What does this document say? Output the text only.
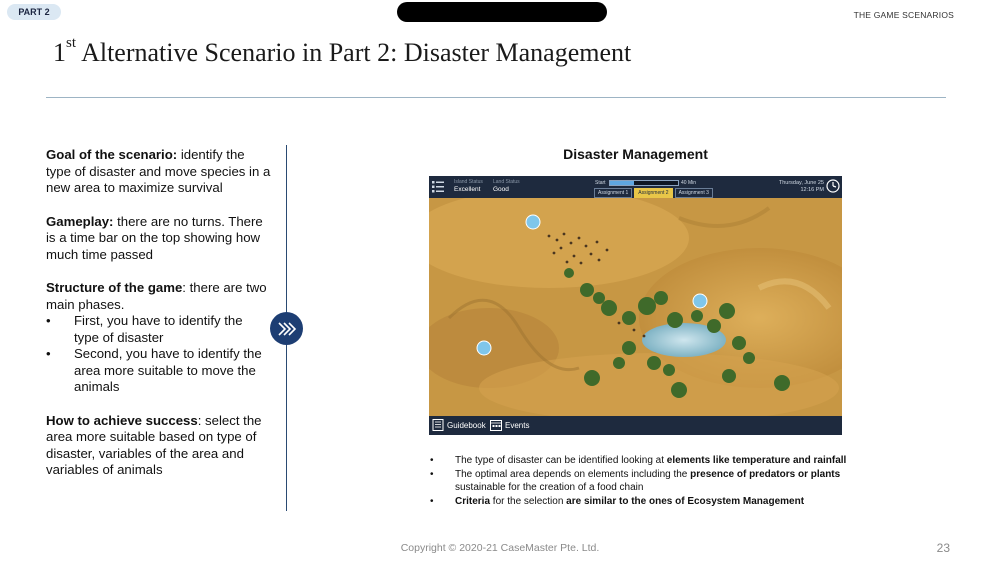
PART 2	THE GAME SCENARIOS
1st Alternative Scenario in Part 2: Disaster Management

Goal of the scenario: identify the type of disaster and move species in a new area to maximize survival

Gameplay: there are no turns. There is a time bar on the top showing how much time passed

Structure of the game: there are two main phases.

• First, you have to identify the type of disaster
• Second, you have to identify the area more suitable to move the animals

How to achieve success: select the area more suitable based on type of disaster, variables of the area and variables of animals

Disaster Management
Island Status
Excellent
Land Status
Good
Start	40 Min
Assignment 1	Assignment 2	Assignment 3
Thursday, June 25
12:16 PM
Guidebook Events
• The type of disaster can be identified looking at elements like temperature and rainfall
• The optimal area depends on elements including the presence of predators or plants sustainable for the creation of a food chain
• Criteria for the selection are similar to the ones of Ecosystem Management
Copyright © 2020-21 CaseMaster Pte. Ltd.	23
